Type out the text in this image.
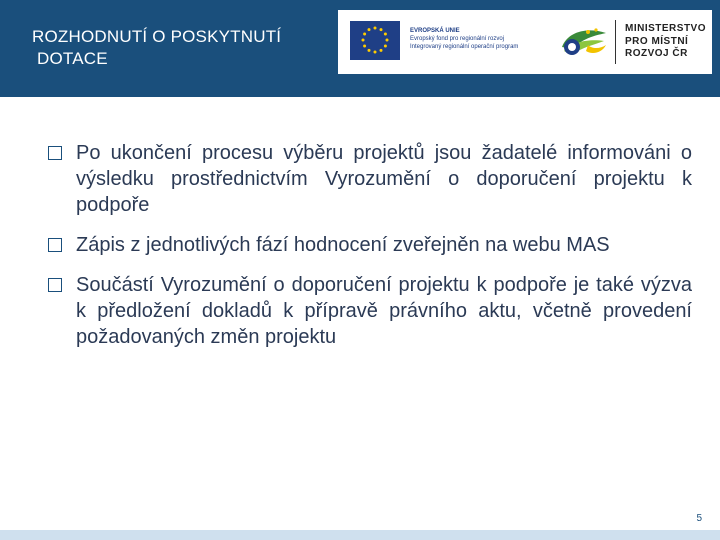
ROZHODNUTÍ O POSKYTNUTÍ
DOTACE
EVROPSKÁ UNIE
Evropský fond pro regionální rozvoj
Integrovaný regionální operační program
MINISTERSTVO
PRO MÍSTNÍ
ROZVOJ ČR
Po ukončení procesu výběru projektů jsou žadatelé informováni o výsledku prostřednictvím Vyrozumění o doporučení projektu k podpoře
Zápis z jednotlivých fází hodnocení zveřejněn na webu MAS
Součástí Vyrozumění o doporučení projektu k podpoře je také výzva k předložení dokladů k přípravě právního aktu, včetně provedení požadovaných změn projektu
5
